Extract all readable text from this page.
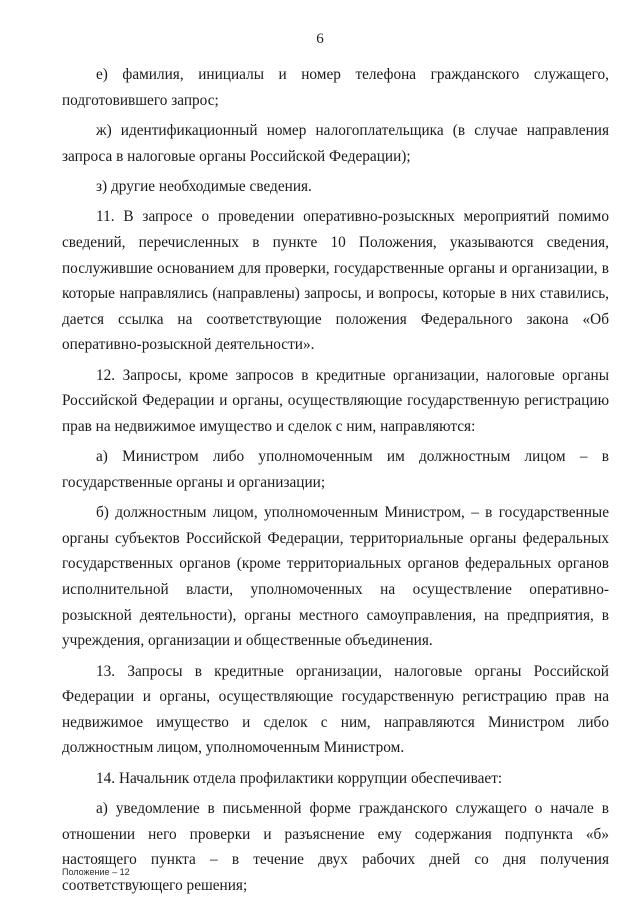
6

е) фамилия, инициалы и номер телефона гражданского служащего, подготовившего запрос;

ж) идентификационный номер налогоплательщика (в случае направления запроса в налоговые органы Российской Федерации);

з) другие необходимые сведения.

11. В запросе о проведении оперативно-розыскных мероприятий помимо сведений, перечисленных в пункте 10 Положения, указываются сведения, послужившие основанием для проверки, государственные органы и организации, в которые направлялись (направлены) запросы, и вопросы, которые в них ставились, дается ссылка на соответствующие положения Федерального закона «Об оперативно-розыскной деятельности».

12. Запросы, кроме запросов в кредитные организации, налоговые органы Российской Федерации и органы, осуществляющие государственную регистрацию прав на недвижимое имущество и сделок с ним, направляются:

а) Министром либо уполномоченным им должностным лицом – в государственные органы и организации;

б) должностным лицом, уполномоченным Министром, – в государственные органы субъектов Российской Федерации, территориальные органы федеральных государственных органов (кроме территориальных органов федеральных органов исполнительной власти, уполномоченных на осуществление оперативно-розыскной деятельности), органы местного самоуправления, на предприятия, в учреждения, организации и общественные объединения.

13. Запросы в кредитные организации, налоговые органы Российской Федерации и органы, осуществляющие государственную регистрацию прав на недвижимое имущество и сделок с ним, направляются Министром либо должностным лицом, уполномоченным Министром.

14. Начальник отдела профилактики коррупции обеспечивает:

а) уведомление в письменной форме гражданского служащего о начале в отношении него проверки и разъяснение ему содержания подпункта «б» настоящего пункта – в течение двух рабочих дней со дня получения соответствующего решения;

Положение – 12
